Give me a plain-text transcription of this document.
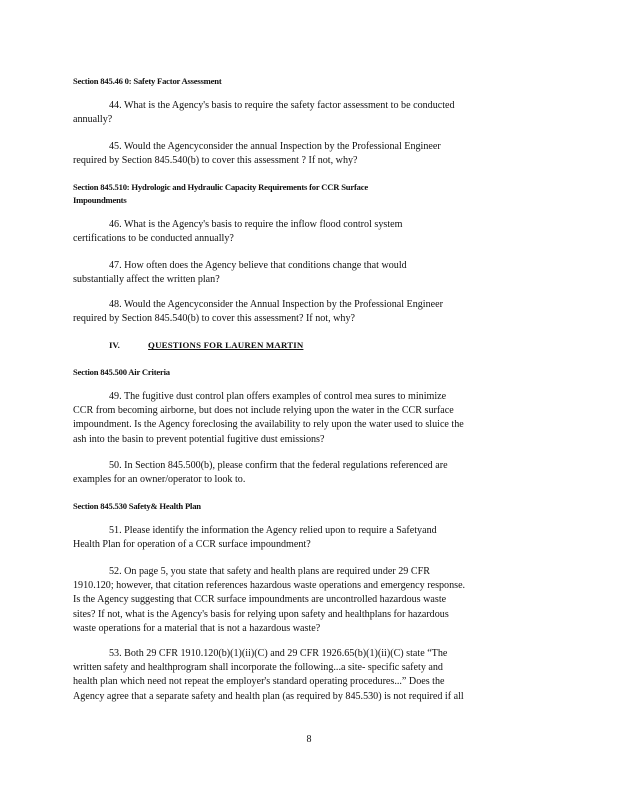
Section 845.46 0: Safety Factor Assessment
44. What is the Agency's basis to require the safety factor assessment to be conducted
annually?
45. Would the Agencyconsider the annual Inspection by the Professional Engineer
required by Section 845.540(b) to cover this assessment ? If not, why?
Section 845.510: Hydrologic and Hydraulic Capacity Requirements for CCR Surface
Impoundments
46. What is the Agency's basis to require the inflow flood control system
certifications to be conducted annually?
47. How often does the Agency believe that conditions change that would
substantially affect the written plan?
48. Would the Agencyconsider the Annual Inspection by the Professional Engineer
required by Section 845.540(b) to cover this assessment? If not, why?
IV.	QUESTIONS FOR LAUREN MARTIN
Section 845.500 Air Criteria
49. The fugitive dust control plan offers examples of control mea sures to minimize
CCR from becoming airborne, but does not include relying upon the water in the CCR surface
impoundment. Is the Agency foreclosing the availability to rely upon the water used to sluice the
ash into the basin to prevent potential fugitive dust emissions?
50. In Section 845.500(b), please confirm that the federal regulations referenced are
examples for an owner/operator to look to.
Section 845.530 Safety& Health Plan
51. Please identify the information the Agency relied upon to require a Safetyand
Health Plan for operation of a CCR surface impoundment?
52. On page 5, you state that safety and health plans are required under 29 CFR
1910.120; however, that citation references hazardous waste operations and emergency response.
Is the Agency suggesting that CCR surface impoundments are uncontrolled hazardous waste
sites? If not, what is the Agency's basis for relying upon safety and healthplans for hazardous
waste operations for a material that is not a hazardous waste?
53. Both 29 CFR 1910.120(b)(1)(ii)(C) and 29 CFR 1926.65(b)(1)(ii)(C) state “The
written safety and healthprogram shall incorporate the following...a site- specific safety and
health plan which need not repeat the employer's standard operating procedures...” Does the
Agency agree that a separate safety and health plan (as required by 845.530) is not required if all
8
